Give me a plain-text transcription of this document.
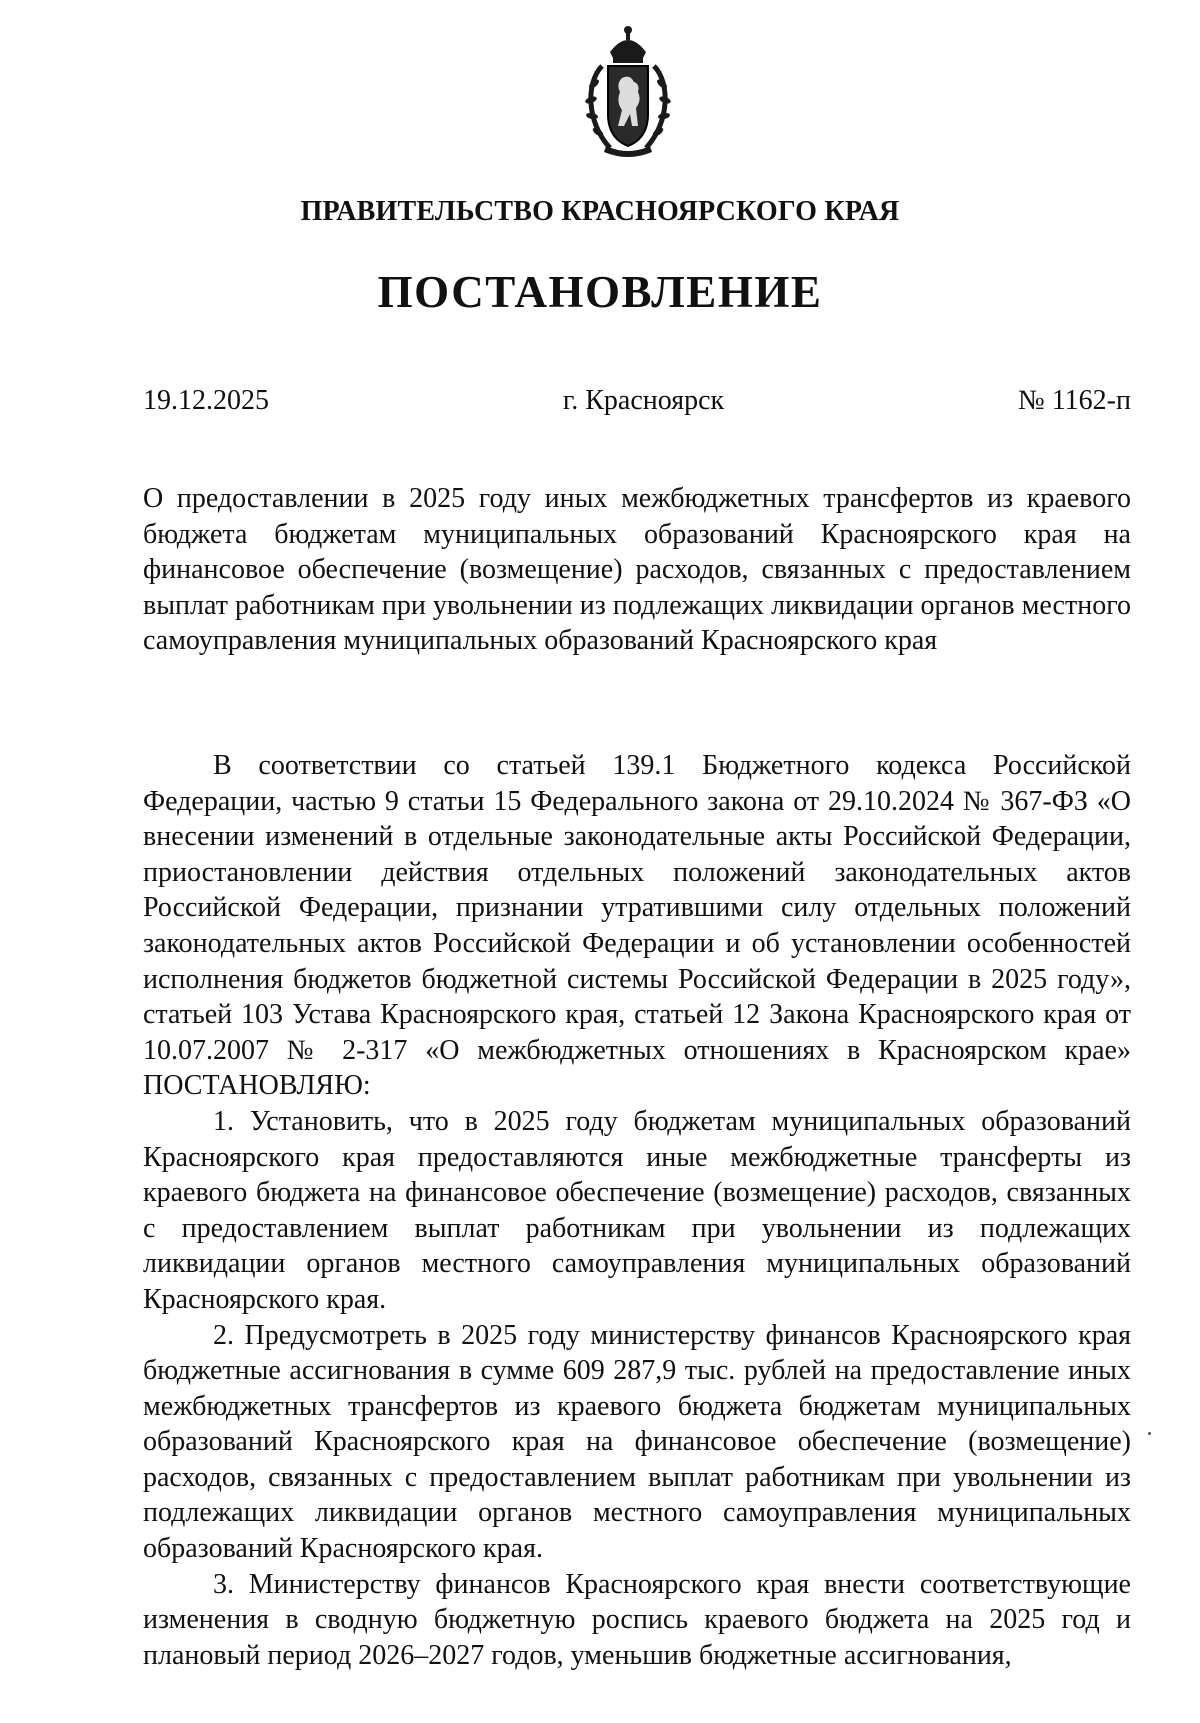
ПРАВИТЕЛЬСТВО КРАСНОЯРСКОГО КРАЯ
ПОСТАНОВЛЕНИЕ
19.12.2025	г. Красноярск	№ 1162-п
О предоставлении в 2025 году иных межбюджетных трансфертов из краевого бюджета бюджетам муниципальных образований Красноярского края на финансовое обеспечение (возмещение) расходов, связанных с предоставлением выплат работникам при увольнении из подлежащих ликвидации органов местного самоуправления муниципальных образований Красноярского края

В соответствии со статьей 139.1 Бюджетного кодекса Российской Федерации, частью 9 статьи 15 Федерального закона от 29.10.2024 № 367-ФЗ «О внесении изменений в отдельные законодательные акты Российской Федерации, приостановлении действия отдельных положений законодательных актов Российской Федерации, признании утратившими силу отдельных положений законодательных актов Российской Федерации и об установлении особенностей исполнения бюджетов бюджетной системы Российской Федерации в 2025 году», статьей 103 Устава Красноярского края, статьей 12 Закона Красноярского края от 10.07.2007 № 2-317 «О межбюджетных отношениях в Красноярском крае» ПОСТАНОВЛЯЮ:

1. Установить, что в 2025 году бюджетам муниципальных образований Красноярского края предоставляются иные межбюджетные трансферты из краевого бюджета на финансовое обеспечение (возмещение) расходов, связанных с предоставлением выплат работникам при увольнении из подлежащих ликвидации органов местного самоуправления муниципальных образований Красноярского края.

2. Предусмотреть в 2025 году министерству финансов Красноярского края бюджетные ассигнования в сумме 609 287,9 тыс. рублей на предоставление иных межбюджетных трансфертов из краевого бюджета бюджетам муниципальных образований Красноярского края на финансовое обеспечение (возмещение) расходов, связанных с предоставлением выплат работникам при увольнении из подлежащих ликвидации органов местного самоуправления муниципальных образований Красноярского края.

3. Министерству финансов Красноярского края внести соответствующие изменения в сводную бюджетную роспись краевого бюджета на 2025 год и плановый период 2026–2027 годов, уменьшив бюджетные ассигнования,
